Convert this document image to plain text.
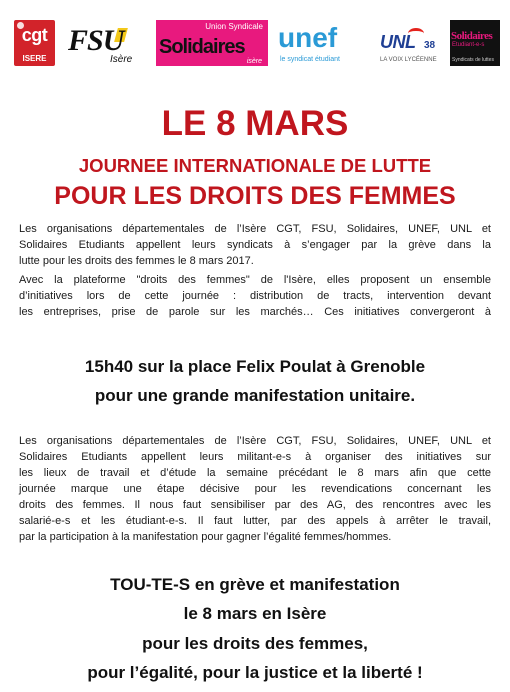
cgt
ISERE
FSU
Isère
Union Syndicale
Solidaires
isère
unef
le syndicat étudiant
UNL 38
LA VOIX LYCÉENNE
Solidaires
Etudiant-e-s
Syndicats de luttes
LE 8 MARS
JOURNEE INTERNATIONALE DE LUTTE
POUR LES DROITS DES FEMMES
Les organisations départementales de l’Isère CGT, FSU, Solidaires, UNEF, UNL et
Solidaires Etudiants appellent leurs syndicats à s’engager par la grève dans la
lutte pour les droits des femmes le 8 mars 2017.
Avec la plateforme "droits des femmes" de l'Isère, elles proposent un ensemble
d’initiatives lors de cette journée : distribution de tracts, intervention devant
les entreprises, prise de parole sur les marchés… Ces initiatives convergeront à
15h40 sur la place Felix Poulat à Grenoble
pour une grande manifestation unitaire.
Les organisations départementales de l’Isère CGT, FSU, Solidaires, UNEF, UNL et
Solidaires Etudiants appellent leurs militant-e-s à organiser des initiatives sur
les lieux de travail et d’étude la semaine précédant le 8 mars afin que cette
journée marque une étape décisive pour les revendications concernant les
droits des femmes. Il nous faut sensibiliser par des AG, des rencontres avec les
salarié-e-s et les étudiant-e-s. Il faut lutter, par des appels à arrêter le travail,
par la participation à la manifestation pour gagner l’égalité femmes/hommes.
TOU-TE-S en grève et manifestation
le 8 mars en Isère
pour les droits des femmes,
pour l’égalité, pour la justice et la liberté !
